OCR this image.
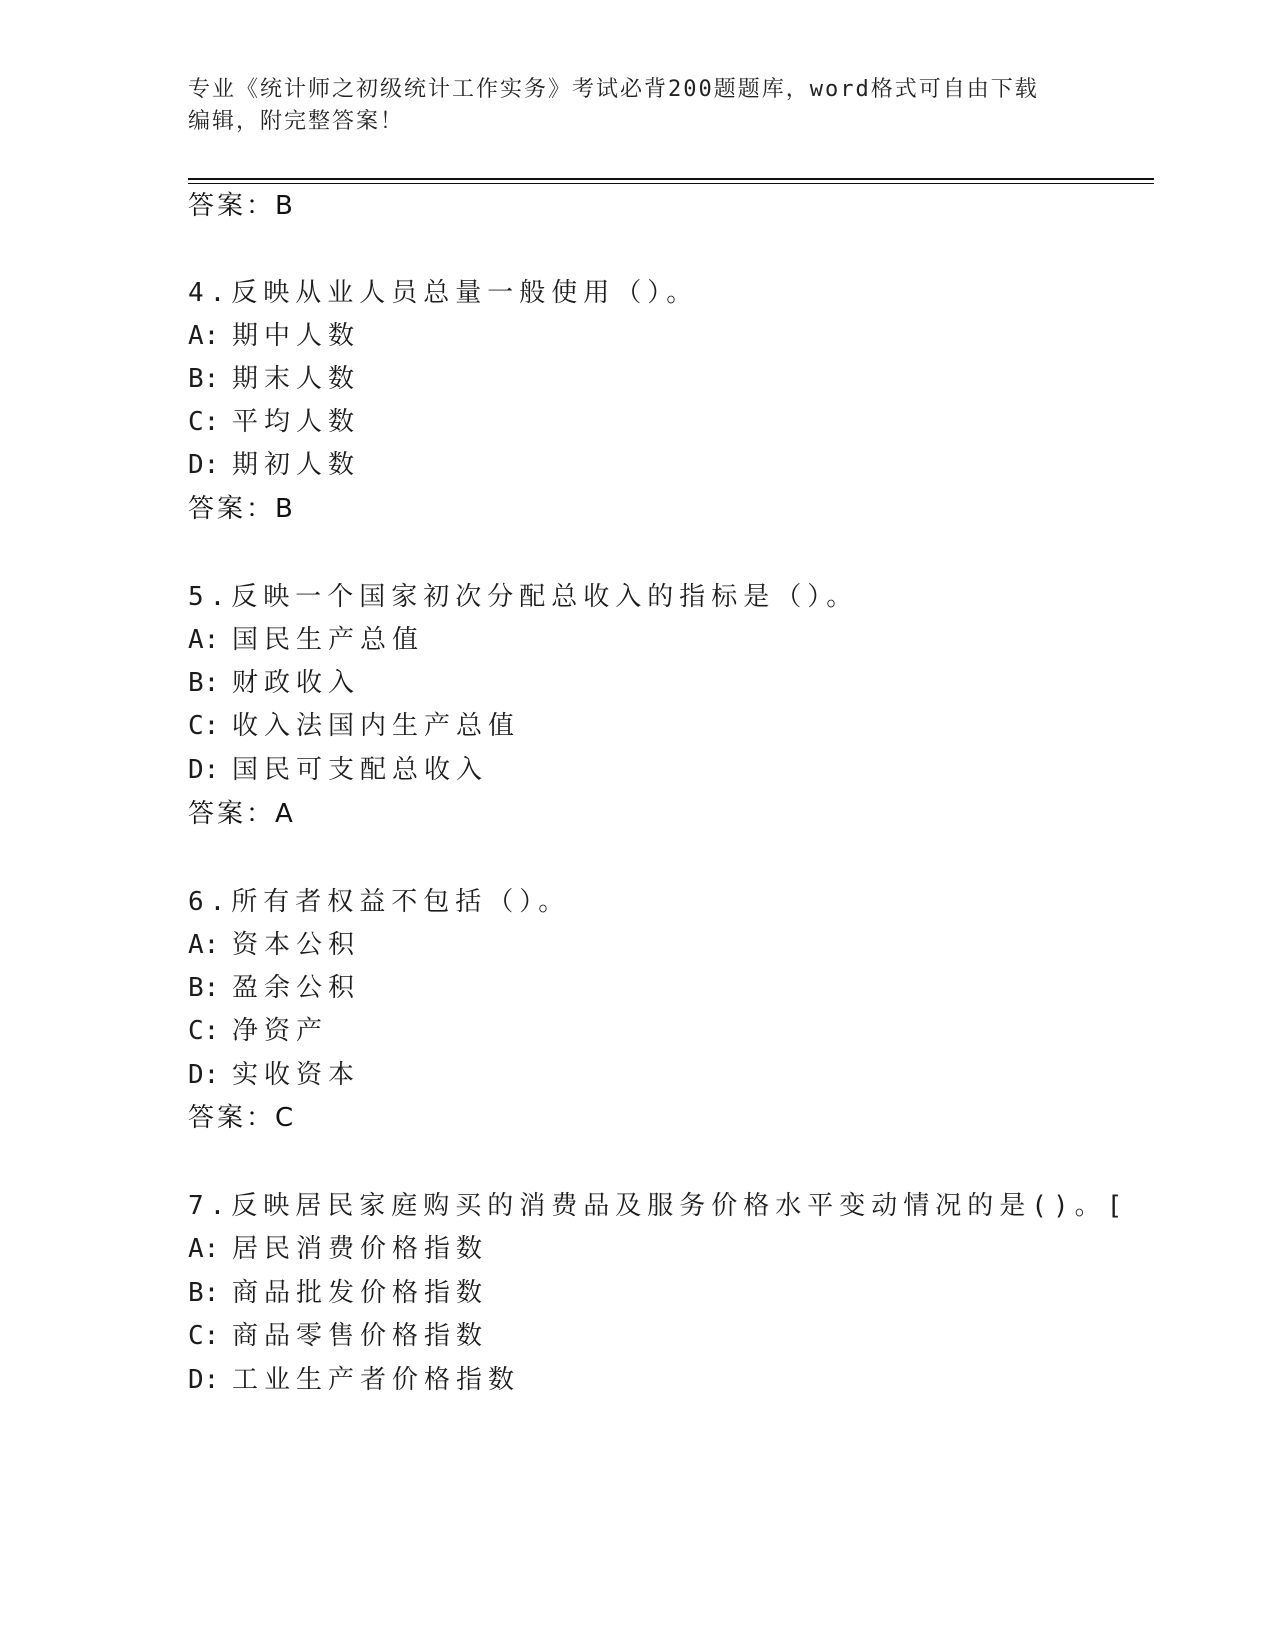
专业《统计师之初级统计工作实务》考试必背200题题库，word格式可自由下载
编辑，附完整答案！
答案：B
4.反映从业人员总量一般使用（）。
A: 期中人数
B: 期末人数
C: 平均人数
D: 期初人数
答案：B
5.反映一个国家初次分配总收入的指标是（）。
A: 国民生产总值
B: 财政收入
C: 收入法国内生产总值
D: 国民可支配总收入
答案：A
6.所有者权益不包括（）。
A: 资本公积
B: 盈余公积
C: 净资产
D: 实收资本
答案：C
7.反映居民家庭购买的消费品及服务价格水平变动情况的是()。[
A: 居民消费价格指数
B: 商品批发价格指数
C: 商品零售价格指数
D: 工业生产者价格指数
